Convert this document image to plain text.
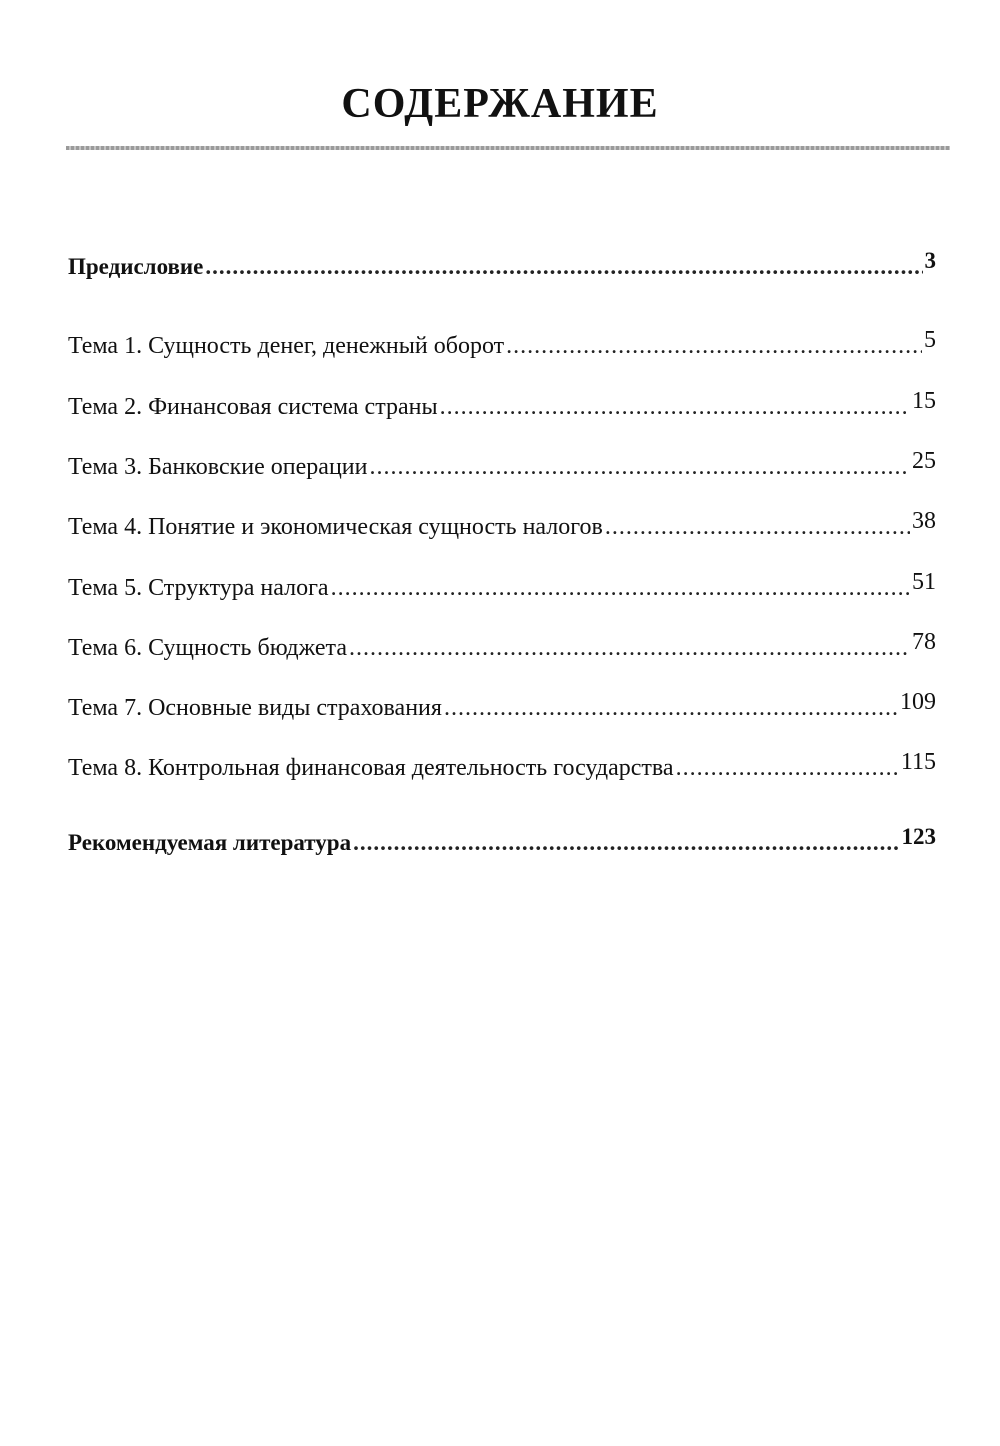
СОДЕРЖАНИЕ
Предисловие .....	3
Тема 1. Сущность денег, денежный оборот .....	5
Тема 2. Финансовая система страны .....	15
Тема 3. Банковские операции .....	25
Тема 4. Понятие и экономическая сущность налогов .....	38
Тема 5. Структура налога .....	51
Тема 6. Сущность бюджета .....	78
Тема 7. Основные виды страхования .....	109
Тема 8. Контрольная финансовая деятельность государства .....	115
Рекомендуемая литература .....	123
